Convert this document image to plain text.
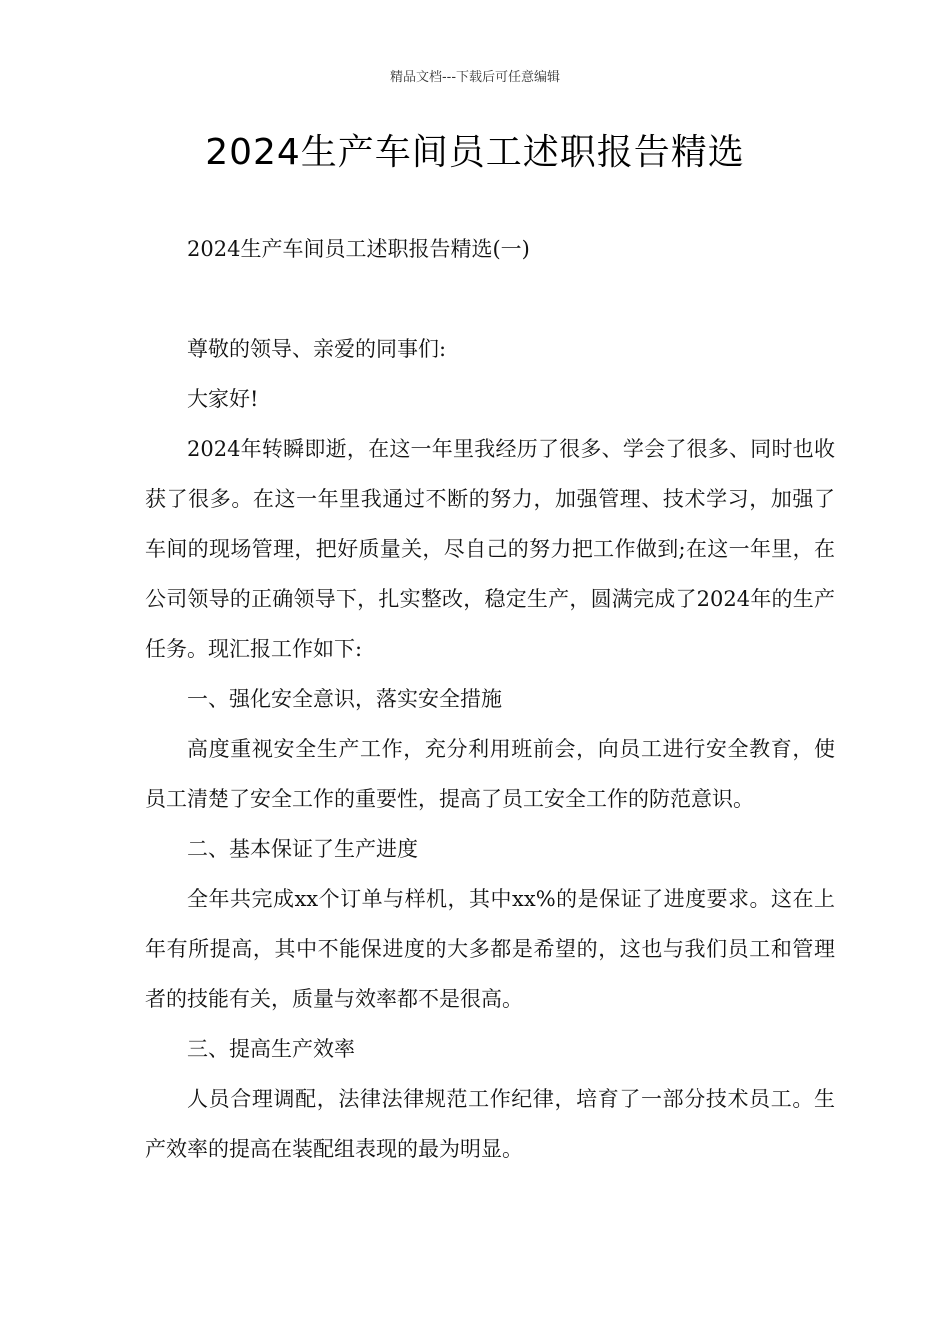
精品文档---下载后可任意编辑
2024生产车间员工述职报告精选

2024生产车间员工述职报告精选(一)

尊敬的领导、亲爱的同事们:

大家好!

2024年转瞬即逝，在这一年里我经历了很多、学会了很多、同时也收获了很多。在这一年里我通过不断的努力，加强管理、技术学习，加强了车间的现场管理，把好质量关，尽自己的努力把工作做到;在这一年里，在公司领导的正确领导下，扎实整改，稳定生产，圆满完成了2024年的生产任务。现汇报工作如下:

一、强化安全意识，落实安全措施

高度重视安全生产工作，充分利用班前会，向员工进行安全教育，使员工清楚了安全工作的重要性，提高了员工安全工作的防范意识。

二、基本保证了生产进度

全年共完成xx个订单与样机，其中xx%的是保证了进度要求。这在上年有所提高，其中不能保进度的大多都是希望的，这也与我们员工和管理者的技能有关，质量与效率都不是很高。

三、提高生产效率

人员合理调配，法律法律规范工作纪律，培育了一部分技术员工。生产效率的提高在装配组表现的最为明显。
